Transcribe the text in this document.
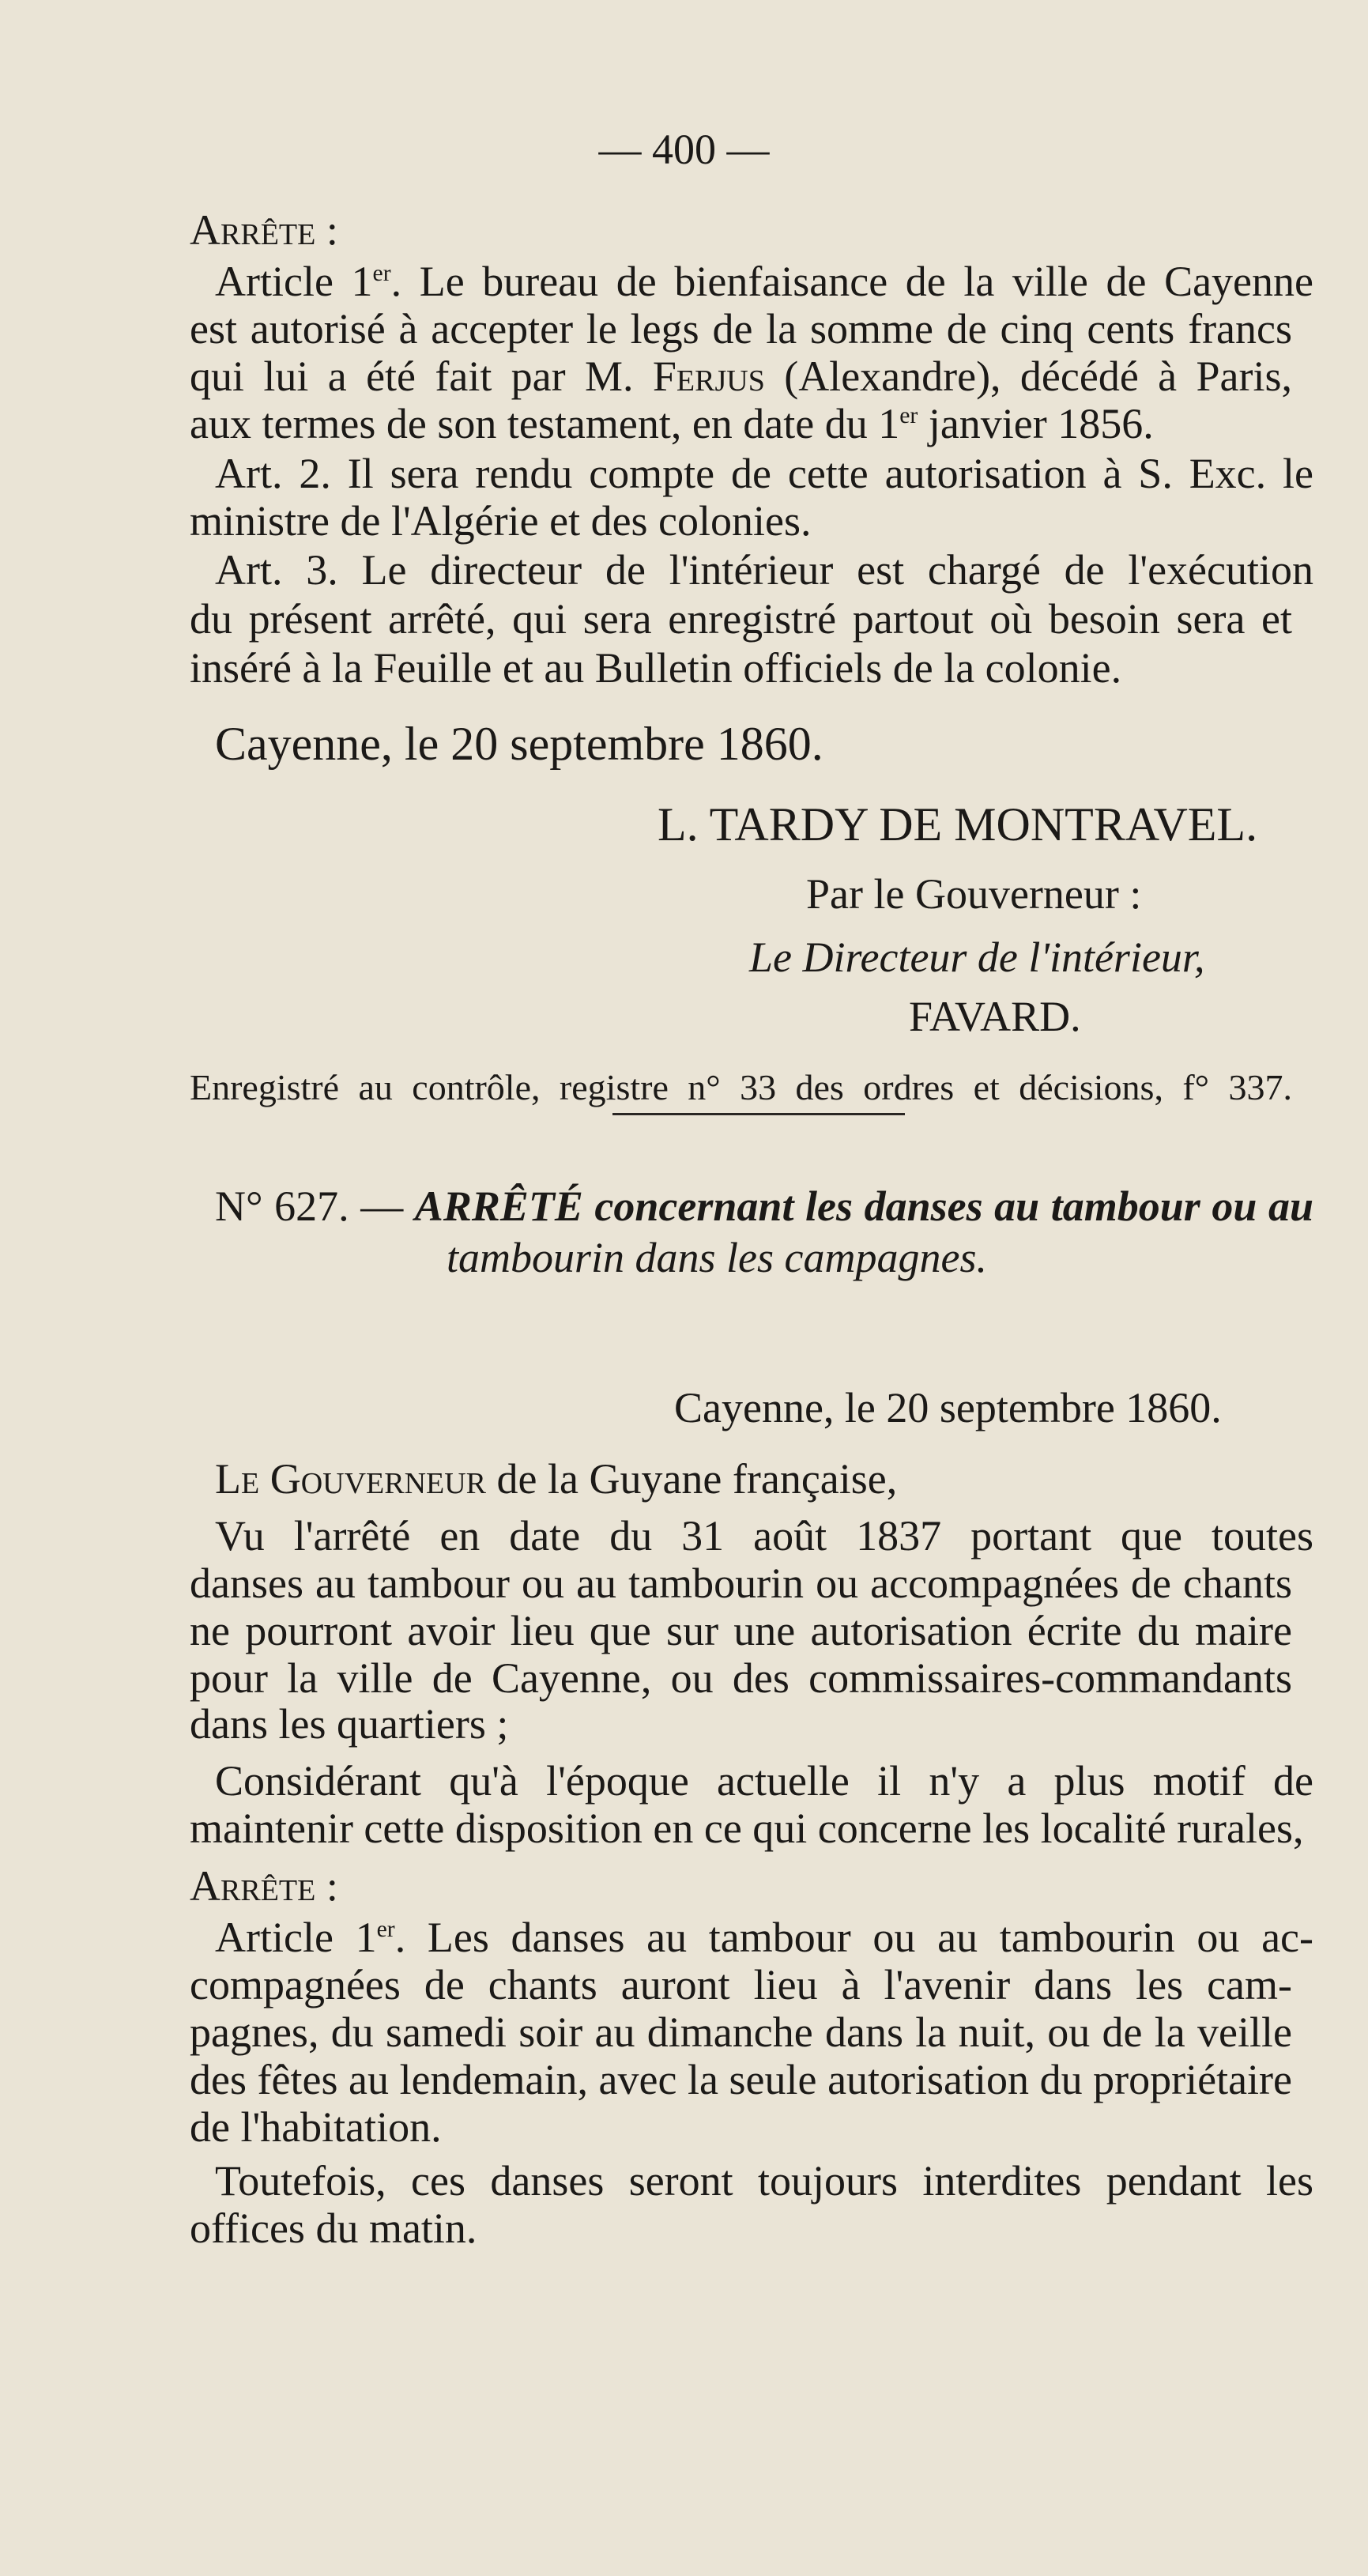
— 400 —
Arrête :
Article 1er. Le bureau de bienfaisance de la ville de Cayenne
est autorisé à accepter le legs de la somme de cinq cents francs
qui lui a été fait par M. Ferjus (Alexandre), décédé à Paris,
aux termes de son testament, en date du 1er janvier 1856.
Art. 2. Il sera rendu compte de cette autorisation à S. Exc. le
ministre de l'Algérie et des colonies.
Art. 3. Le directeur de l'intérieur est chargé de l'exécution
du présent arrêté, qui sera enregistré partout où besoin sera et
inséré à la Feuille et au Bulletin officiels de la colonie.
Cayenne, le 20 septembre 1860.
L. TARDY DE MONTRAVEL.
Par le Gouverneur :
Le Directeur de l'intérieur,
FAVARD.
Enregistré au contrôle, registre n° 33 des ordres et décisions, f° 337.
N° 627. — ARRÊTÉ concernant les danses au tambour ou au
tambourin dans les campagnes.
Cayenne, le 20 septembre 1860.
Le Gouverneur de la Guyane française,
Vu l'arrêté en date du 31 août 1837 portant que toutes
danses au tambour ou au tambourin ou accompagnées de chants
ne pourront avoir lieu que sur une autorisation écrite du maire
pour la ville de Cayenne, ou des commissaires-commandants
dans les quartiers ;
Considérant qu'à l'époque actuelle il n'y a plus motif de
maintenir cette disposition en ce qui concerne les localité rurales,
Arrête :
Article 1er. Les danses au tambour ou au tambourin ou ac-
compagnées de chants auront lieu à l'avenir dans les cam-
pagnes, du samedi soir au dimanche dans la nuit, ou de la veille
des fêtes au lendemain, avec la seule autorisation du propriétaire
de l'habitation.
Toutefois, ces danses seront toujours interdites pendant les
offices du matin.
